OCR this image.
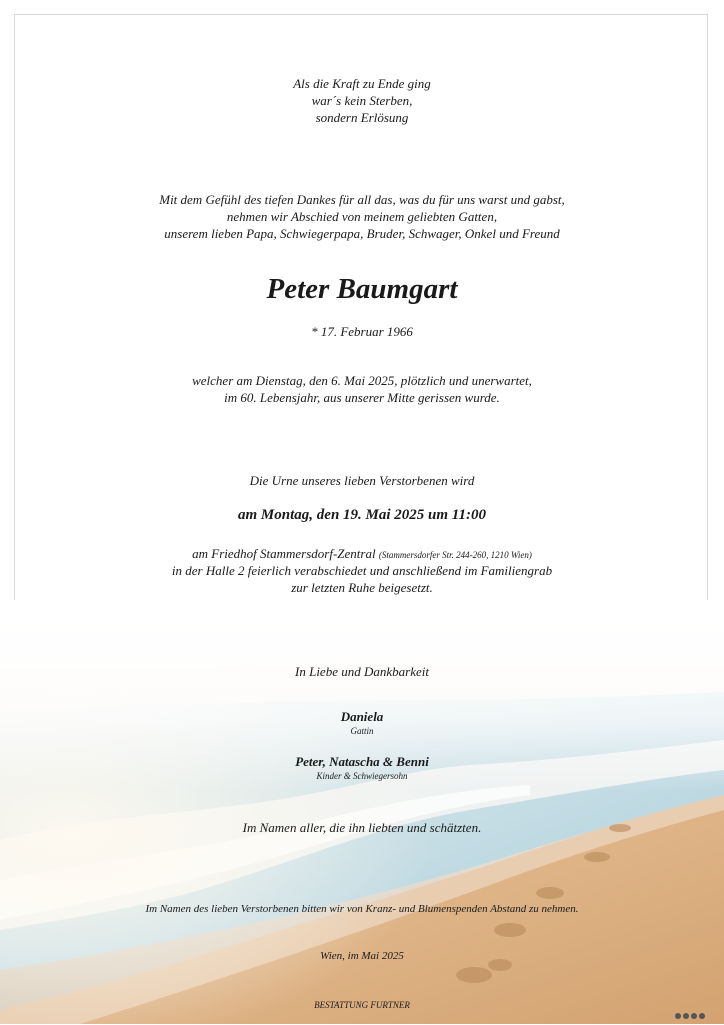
Als die Kraft zu Ende ging
war´s kein Sterben,
sondern Erlösung
Mit dem Gefühl des tiefen Dankes für all das, was du für uns warst und gabst,
nehmen wir Abschied von meinem geliebten Gatten,
unserem lieben Papa, Schwiegerpapa, Bruder, Schwager, Onkel und Freund
Peter Baumgart
* 17. Februar 1966
welcher am Dienstag, den 6. Mai 2025, plötzlich und unerwartet,
im 60. Lebensjahr, aus unserer Mitte gerissen wurde.
Die Urne unseres lieben Verstorbenen wird
am Montag, den 19. Mai 2025 um 11:00
am Friedhof Stammersdorf-Zentral (Stammersdorfer Str. 244-260, 1210 Wien)
in der Halle 2 feierlich verabschiedet und anschließend im Familiengrab
zur letzten Ruhe beigesetzt.
In Liebe und Dankbarkeit
Daniela
Gattin
Peter, Natascha & Benni
Kinder & Schwiegersohn
Im Namen aller, die ihn liebten und schätzten.
Im Namen des lieben Verstorbenen bitten wir von Kranz- und Blumenspenden Abstand zu nehmen.
Wien, im Mai 2025
BESTATTUNG FURTNER
